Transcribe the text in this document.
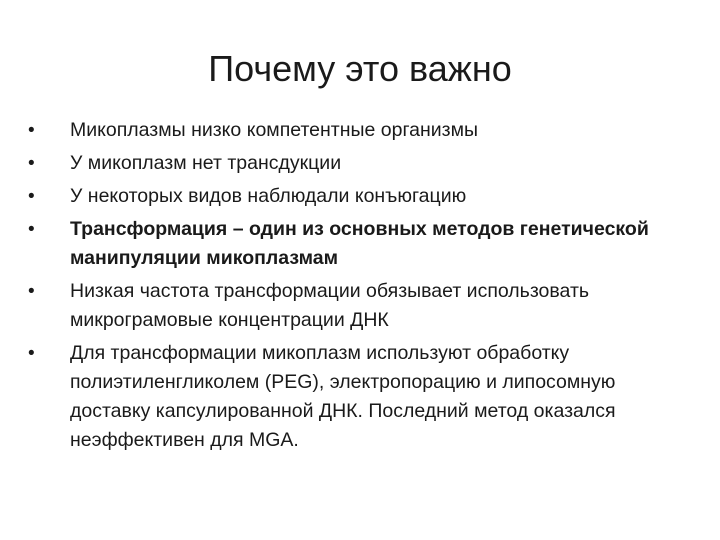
Почему это важно
•	Микоплазмы низко компетентные организмы
•	У микоплазм нет трансдукции
•	У некоторых видов наблюдали конъюгацию
•	Трансформация – один из основных методов генетической манипуляции микоплазмам
•	Низкая частота трансформации обязывает использовать микрограмовые концентрации ДНК
•	Для трансформации микоплазм используют обработку полиэтиленгликолем (PEG), электропорацию и липосомную доставку капсулированной ДНК. Последний метод оказался неэффективен для MGA.
